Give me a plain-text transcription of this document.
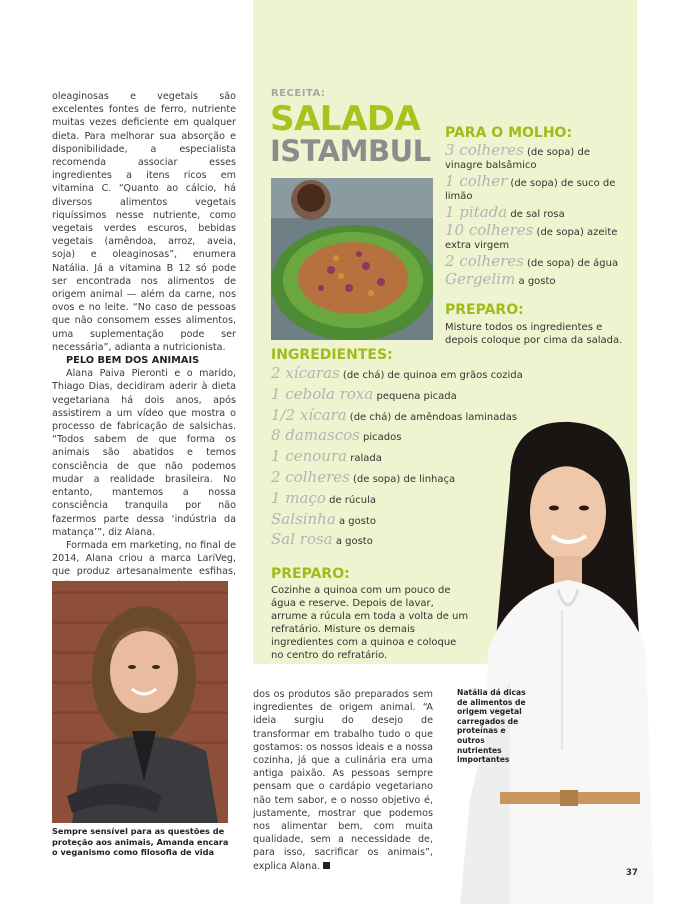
oleaginosas e vegetais são excelentes fontes de ferro, nutriente muitas vezes deficiente em qualquer dieta. Para melhorar sua absorção e disponibilidade, a especialista recomenda associar esses ingredientes a itens ricos em vitamina C. “Quanto ao cálcio, há diversos alimentos vegetais riquíssimos nesse nutriente, como vegetais verdes escuros, bebidas vegetais (amêndoa, arroz, aveia, soja) e oleaginosas”, enumera Natália. Já a vitamina B 12 só pode ser encontrada nos alimentos de origem animal — além da carne, nos ovos e no leite. “No caso de pessoas que não consomem esses alimentos, uma suplementação pode ser necessária”, adianta a nutricionista.

PELO BEM DOS ANIMAIS

Alana Paiva Pieronti e o marido, Thiago Dias, decidiram aderir à dieta vegetariana há dois anos, após assistirem a um vídeo que mostra o processo de fabricação de salsichas. “Todos sabem de que forma os animais são abatidos e temos consciência de que não podemos mudar a realidade brasileira. No entanto, mantemos a nossa consciência tranquila por não fazermos parte dessa ‘indústria da matança’”, diz Alana.

Formada em marketing, no final de 2014, Alana criou a marca LariVeg, que produz artesanalmente esfihas,

Sempre sensível para as questões de proteção aos animais, Amanda encara o veganismo como filosofia de vida
RECEITA:
SALADA
ISTAMBUL
PARA O MOLHO:
3 colheres (de sopa) de vinagre balsâmico
1 colher (de sopa) de suco de limão
1 pitada de sal rosa
10 colheres (de sopa) azeite extra virgem
2 colheres (de sopa) de água
Gergelim a gosto
PREPARO:
Misture todos os ingredientes e depois coloque por cima da salada.
INGREDIENTES:
2 xícaras (de chá) de quinoa em grãos cozida
1 cebola roxa pequena picada
1/2 xícara (de chá) de amêndoas laminadas
8 damascos picados
1 cenoura ralada
2 colheres (de sopa) de linhaça
1 maço de rúcula
Salsinha a gosto
Sal rosa a gosto
PREPARO:
Cozinhe a quinoa com um pouco de água e reserve. Depois de lavar, arrume a rúcula em toda a volta de um refratário. Misture os demais ingredientes com a quinoa e coloque no centro do refratário.
Natália dá dicas de alimentos de origem vegetal carregados de proteínas e outros nutrientes importantes

dos os produtos são preparados sem ingredientes de origem animal. “A ideia surgiu do desejo de transformar em trabalho tudo o que gostamos: os nossos ideais e a nossa cozinha, já que a culinária era uma antiga paixão. As pessoas sempre pensam que o cardápio vegetariano não tem sabor, e o nosso objetivo é, justamente, mostrar que podemos nos alimentar bem, com muita qualidade, sem a necessidade de, para isso, sacrificar os animais”, explica Alana.

37
